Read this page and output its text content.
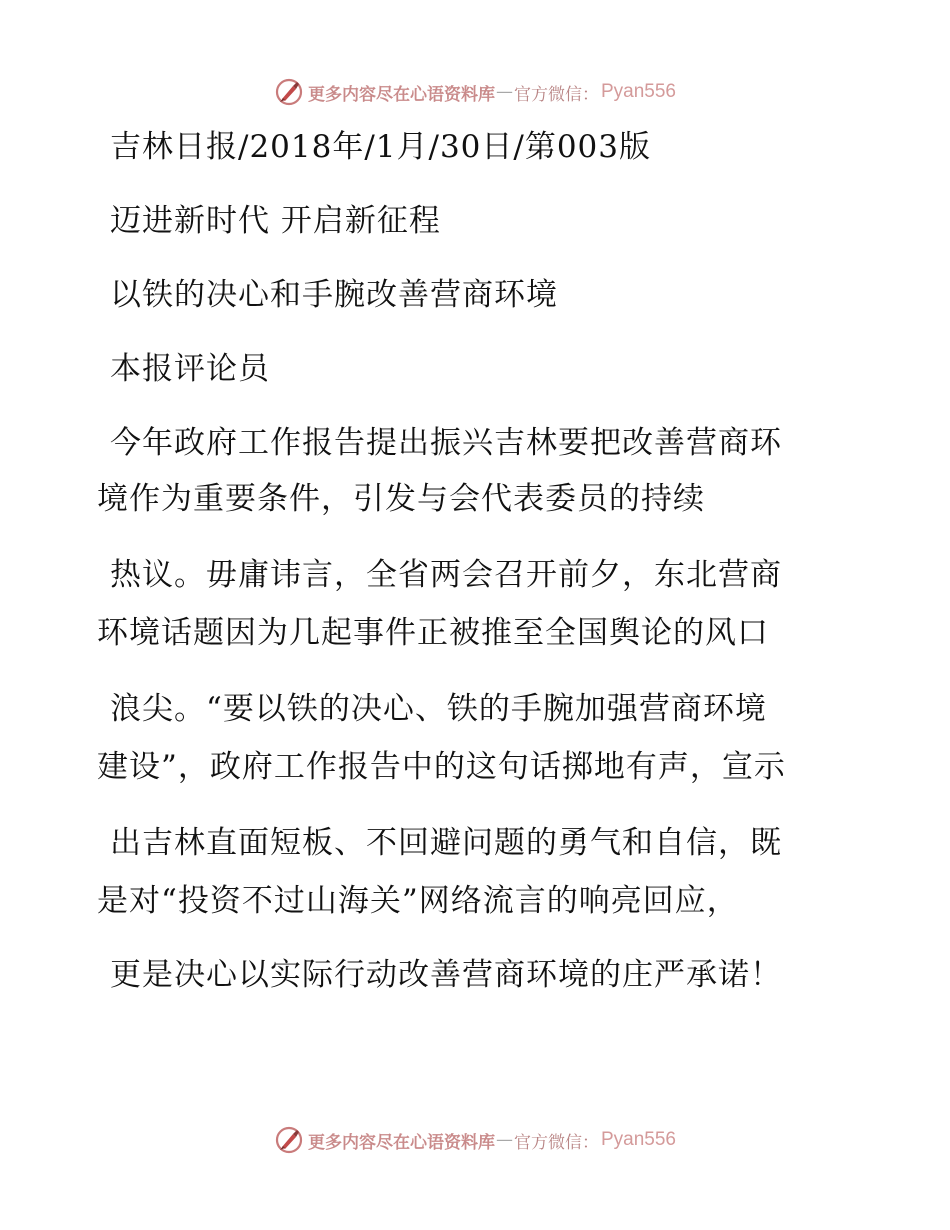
更多内容尽在心语资料库 — 官方微信： Pyan556
吉林日报/2018年/1月/30日/第003版
迈进新时代 开启新征程
以铁的决心和手腕改善营商环境
本报评论员
今年政府工作报告提出振兴吉林要把改善营商环
境作为重要条件，引发与会代表委员的持续
热议。毋庸讳言，全省两会召开前夕，东北营商
环境话题因为几起事件正被推至全国舆论的风口
浪尖。“要以铁的决心、铁的手腕加强营商环境
建设”，政府工作报告中的这句话掷地有声，宣示
出吉林直面短板、不回避问题的勇气和自信，既
是对“投资不过山海关”网络流言的响亮回应，
更是决心以实际行动改善营商环境的庄严承诺！
更多内容尽在心语资料库 — 官方微信： Pyan556
